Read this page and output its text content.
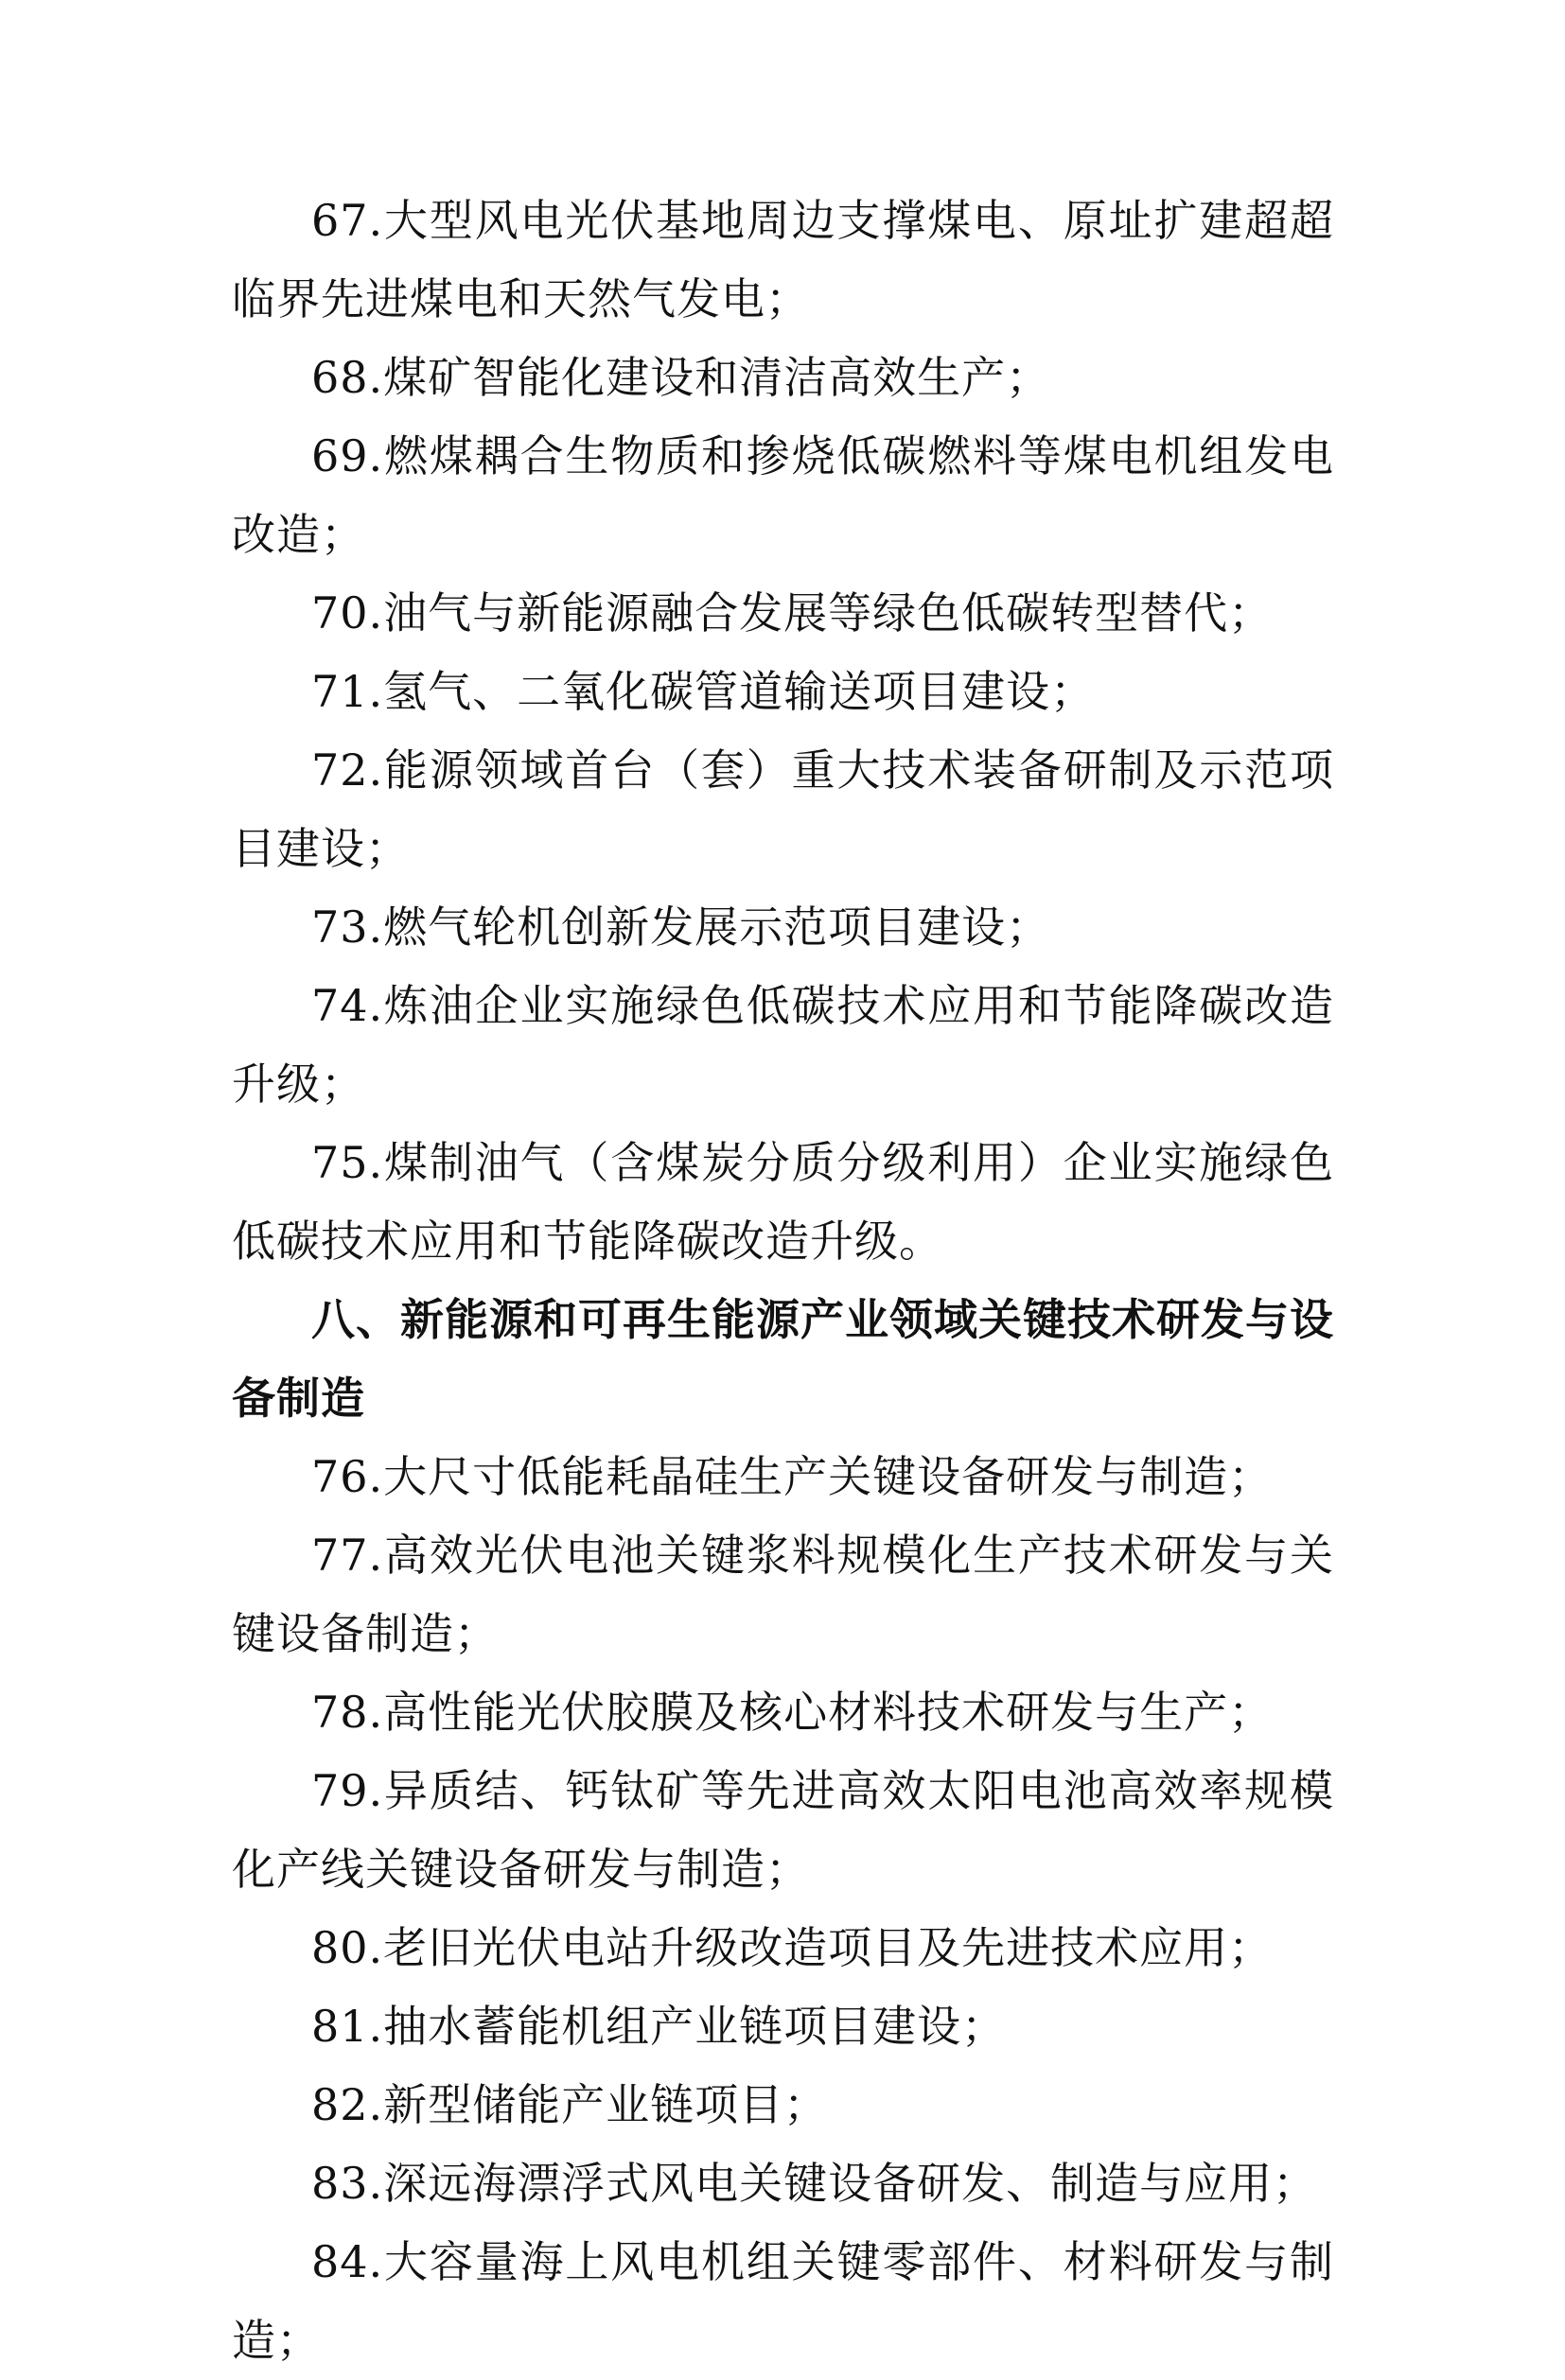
67.大型风电光伏基地周边支撑煤电、原址扩建超超临界先进煤电和天然气发电；

68.煤矿智能化建设和清洁高效生产；

69.燃煤耦合生物质和掺烧低碳燃料等煤电机组发电改造；

70.油气与新能源融合发展等绿色低碳转型替代；

71.氢气、二氧化碳管道输送项目建设；

72.能源领域首台（套）重大技术装备研制及示范项目建设；

73.燃气轮机创新发展示范项目建设；

74.炼油企业实施绿色低碳技术应用和节能降碳改造升级；

75.煤制油气（含煤炭分质分级利用）企业实施绿色低碳技术应用和节能降碳改造升级。

八、新能源和可再生能源产业领域关键技术研发与设备制造

76.大尺寸低能耗晶硅生产关键设备研发与制造；

77.高效光伏电池关键浆料规模化生产技术研发与关键设备制造；

78.高性能光伏胶膜及核心材料技术研发与生产；

79.异质结、钙钛矿等先进高效太阳电池高效率规模化产线关键设备研发与制造；

80.老旧光伏电站升级改造项目及先进技术应用；

81.抽水蓄能机组产业链项目建设；

82.新型储能产业链项目；

83.深远海漂浮式风电关键设备研发、制造与应用；

84.大容量海上风电机组关键零部件、材料研发与制造；
